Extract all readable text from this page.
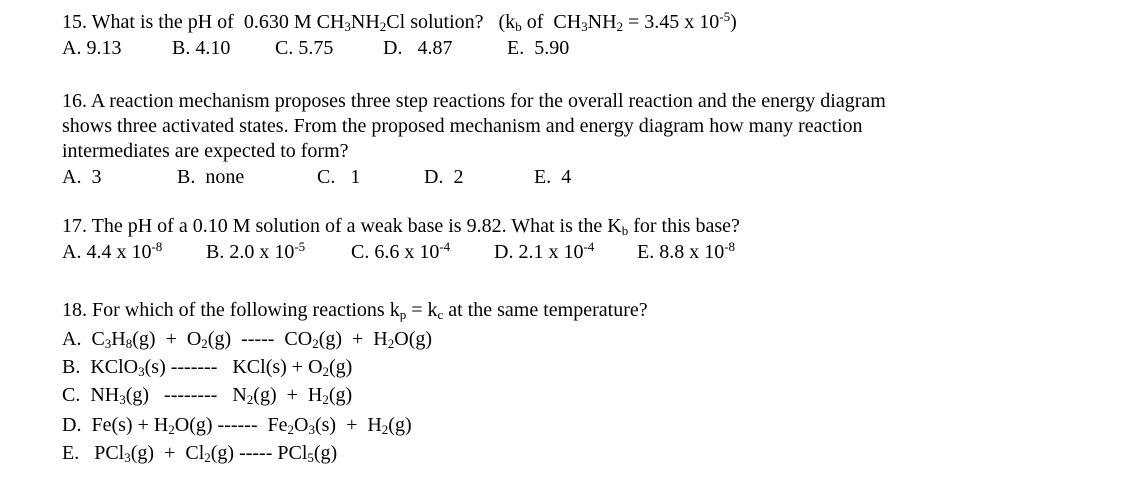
15. What is the pH of  0.630 M $CH_3NH_2Cl$ solution?   ($k_b$ of  $CH_3NH_2 = 3.45$ x $10^{-5}$)
A. 9.13	B. 4.10 C. 5.75 D.   4.87	E.  5.90
16. A reaction mechanism proposes three step reactions for the overall reaction and the energy diagram
shows three activated states. From the proposed mechanism and energy diagram how many reaction
intermediates are expected to form?
A.  3	B.  none	C.   1	D.  2	E.  4
17. The pH of a 0.10 M solution of a weak base is 9.82. What is the $K_b$ for this base?
A. 4.4 x $10^{-8}$ B. 2.0 x $10^{-5}$ C. 6.6 x $10^{-4}$ D. 2.1 x $10^{-4}$ E. 8.8 x $10^{-8}$
18. For which of the following reactions $k_p = k_c$ at the same temperature?
A.  $C_3H_8(g) + O_2(g)$  -----  $CO_2(g) + H_2O(g)$
B.  KClO$_3$(s) -------   $KCl(s) + O_2(g)$
C.  $NH_3(g)$   --------   $N_2(g) + H_2(g)$
D.  $Fe(s) + H_2O(g)$ ------  $Fe_2O_3(s) + H_2(g)$
E.   $PCl_3(g) + Cl_2(g)$ ----- PCl$_5$(g)
